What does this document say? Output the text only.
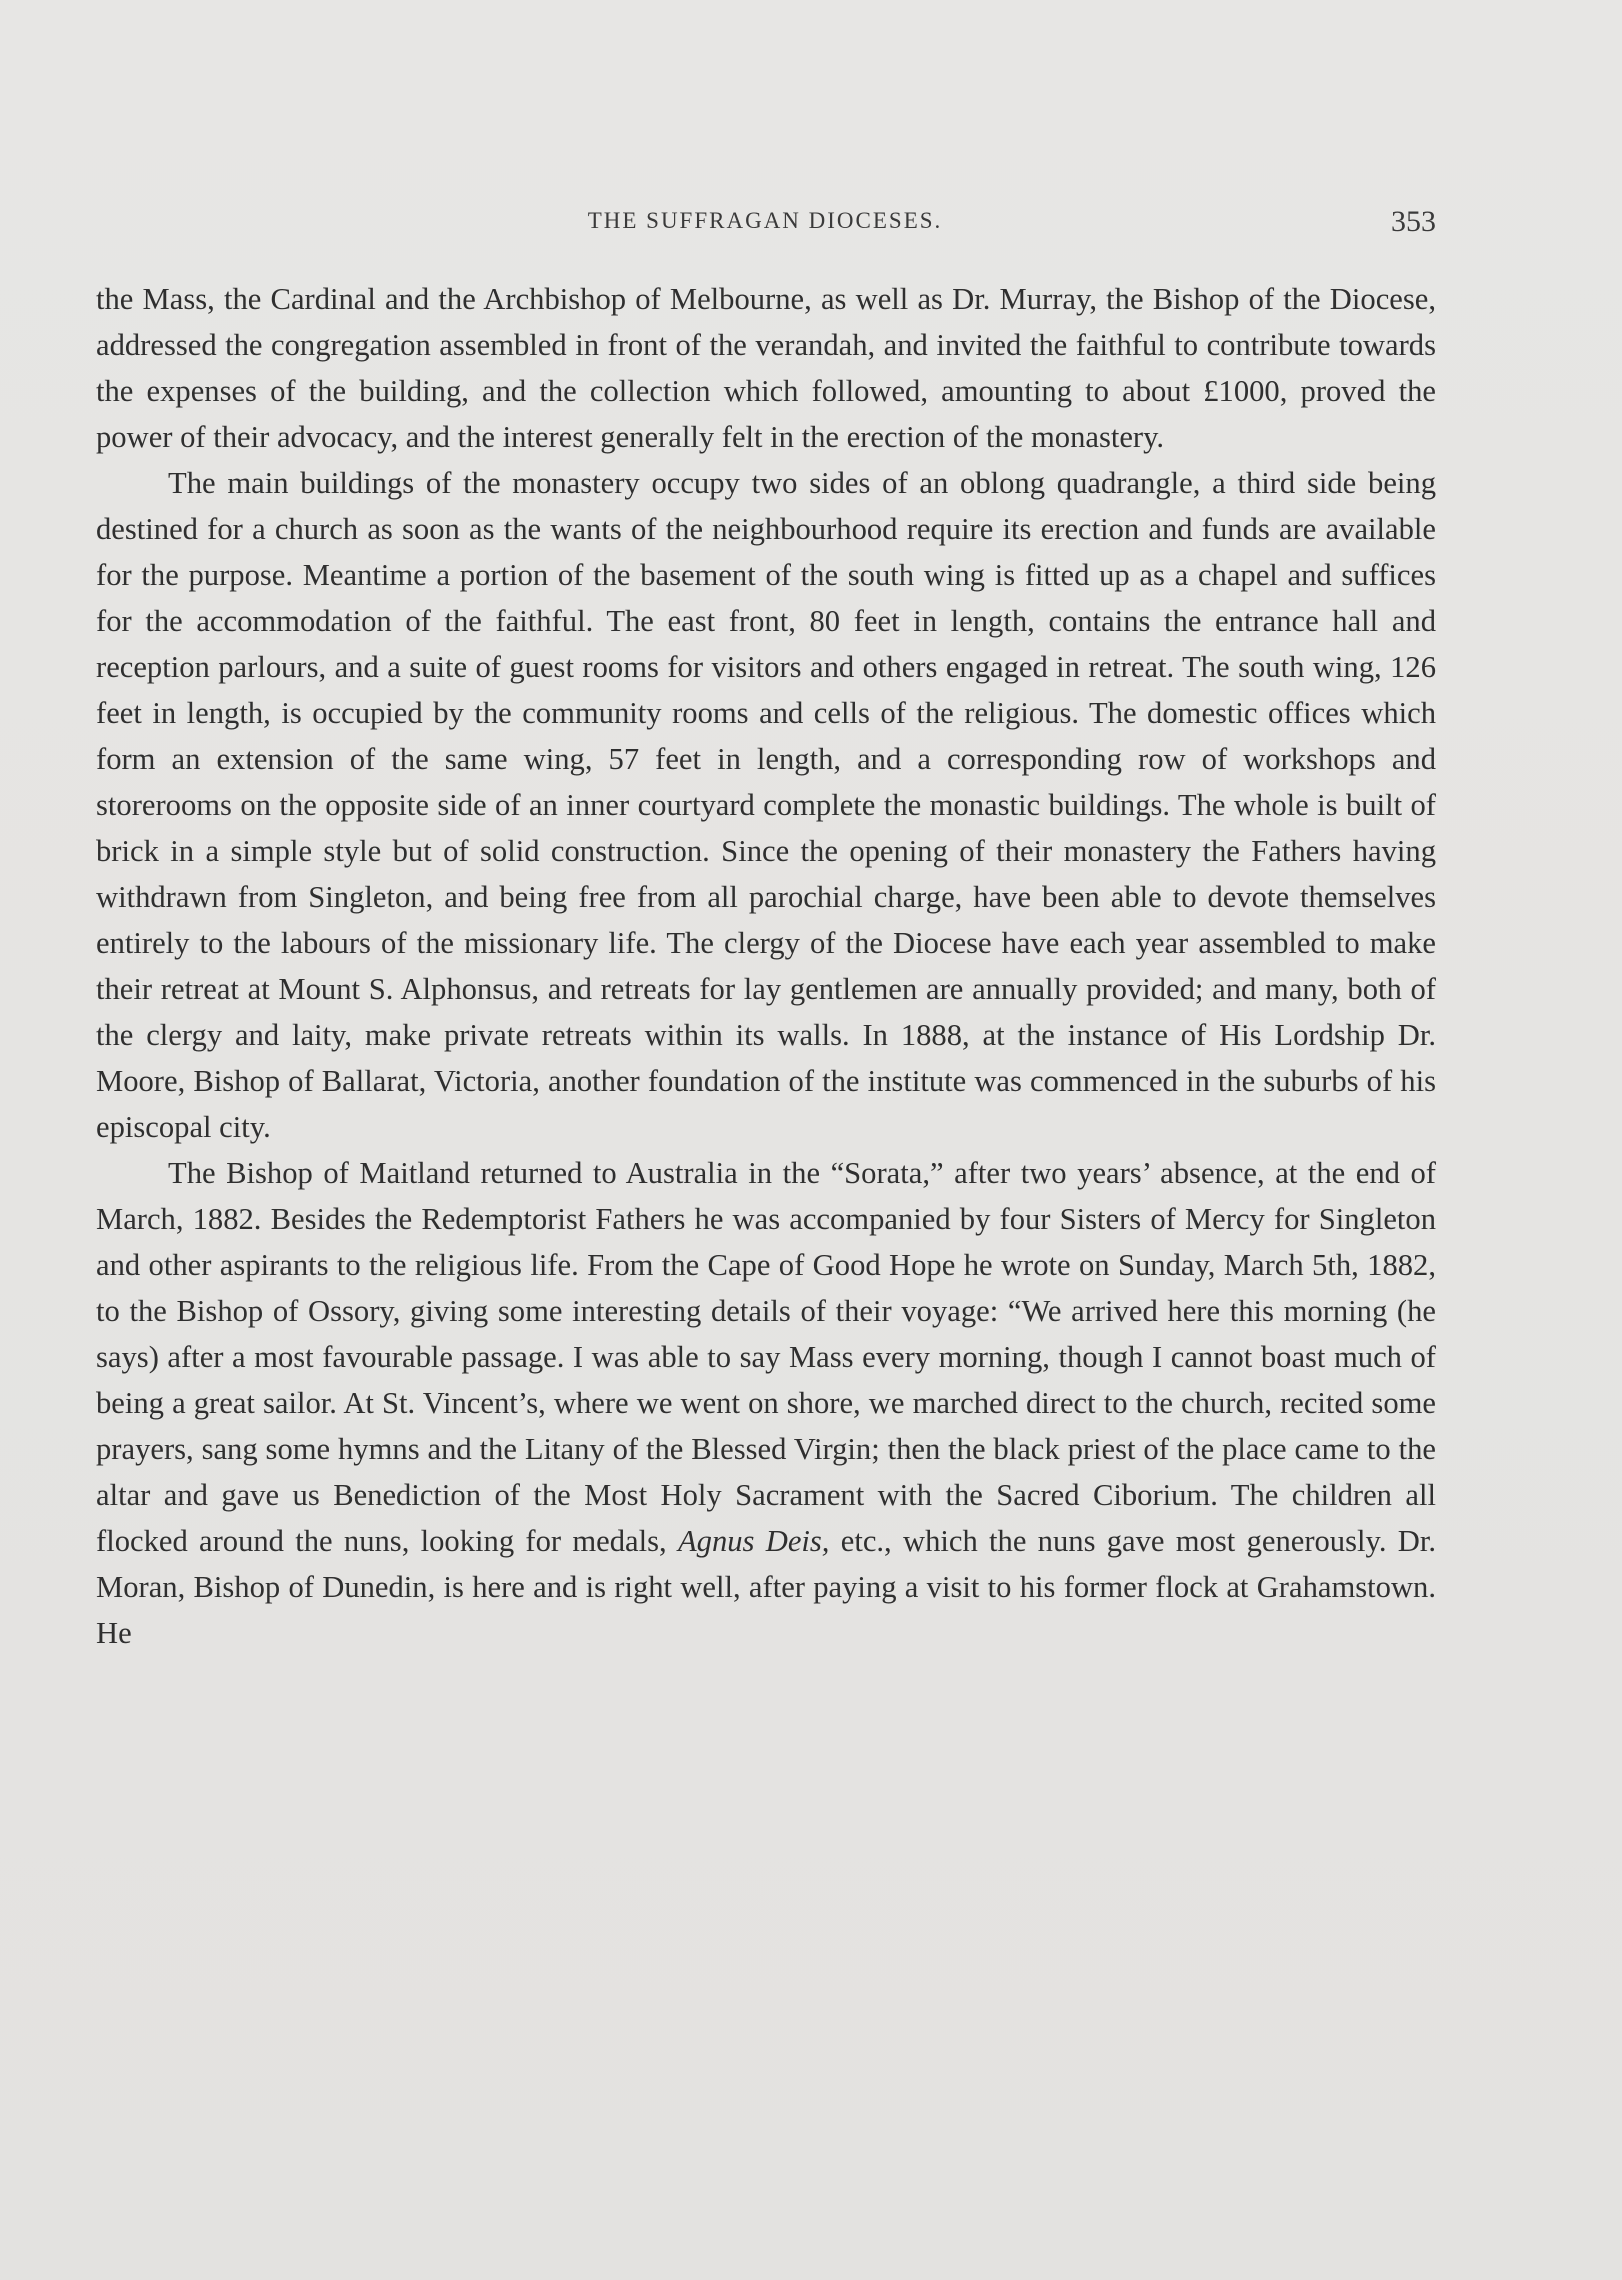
THE SUFFRAGAN DIOCESES.	353

the Mass, the Cardinal and the Archbishop of Melbourne, as well as Dr. Murray, the Bishop of the Diocese, addressed the congregation assembled in front of the verandah, and invited the faithful to contribute towards the expenses of the building, and the collection which followed, amounting to about £1000, proved the power of their advocacy, and the interest generally felt in the erection of the monastery.

The main buildings of the monastery occupy two sides of an oblong quadrangle, a third side being destined for a church as soon as the wants of the neighbourhood require its erection and funds are available for the purpose. Meantime a portion of the basement of the south wing is fitted up as a chapel and suffices for the accommodation of the faithful. The east front, 80 feet in length, contains the entrance hall and reception parlours, and a suite of guest rooms for visitors and others engaged in retreat. The south wing, 126 feet in length, is occupied by the community rooms and cells of the religious. The domestic offices which form an extension of the same wing, 57 feet in length, and a corresponding row of workshops and storerooms on the opposite side of an inner courtyard complete the monastic buildings. The whole is built of brick in a simple style but of solid construction. Since the opening of their monastery the Fathers having withdrawn from Singleton, and being free from all parochial charge, have been able to devote themselves entirely to the labours of the missionary life. The clergy of the Diocese have each year assembled to make their retreat at Mount S. Alphonsus, and retreats for lay gentlemen are annually provided; and many, both of the clergy and laity, make private retreats within its walls. In 1888, at the instance of His Lordship Dr. Moore, Bishop of Ballarat, Victoria, another foundation of the institute was commenced in the suburbs of his episcopal city.

The Bishop of Maitland returned to Australia in the “Sorata,” after two years’ absence, at the end of March, 1882. Besides the Redemptorist Fathers he was accompanied by four Sisters of Mercy for Singleton and other aspirants to the religious life. From the Cape of Good Hope he wrote on Sunday, March 5th, 1882, to the Bishop of Ossory, giving some interesting details of their voyage: “We arrived here this morning (he says) after a most favourable passage. I was able to say Mass every morning, though I cannot boast much of being a great sailor. At St. Vincent’s, where we went on shore, we marched direct to the church, recited some prayers, sang some hymns and the Litany of the Blessed Virgin; then the black priest of the place came to the altar and gave us Benediction of the Most Holy Sacrament with the Sacred Ciborium. The children all flocked around the nuns, looking for medals, Agnus Deis, etc., which the nuns gave most generously. Dr. Moran, Bishop of Dunedin, is here and is right well, after paying a visit to his former flock at Grahamstown. He
